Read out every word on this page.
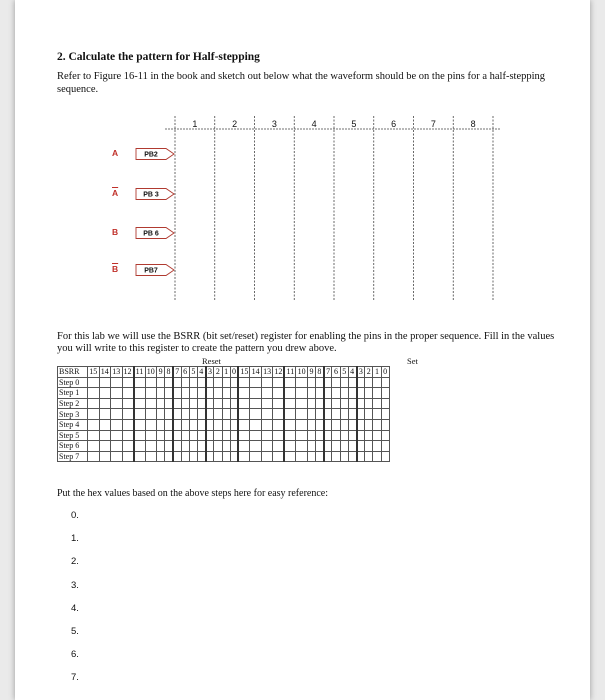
2. Calculate the pattern for Half-stepping
Refer to Figure 16-11 in the book and sketch out below what the waveform should be on the pins for a half-stepping sequence.
PB2
PB 3
PB 6
PB7
1	2	3	4	5	6	7	8
A
$\overline{A}$
B
$\overline{B}$
For this lab we will use the BSRR (bit set/reset) register for enabling the pins in the proper sequence. Fill in the values you will write to this register to create the pattern you drew above.
Reset	Set
BSRR	15	14	13	12	11	10	9	8	7	6	5	4	3	2	1	0	15	14	13	12	11	10	9	8	7	6	5	4	3	2	1	0
Step 0																																
Step 1																																
Step 2																																
Step 3																																
Step 4																																
Step 5																																
Step 6																																
Step 7																																
Put the hex values based on the above steps here for easy reference:
0.
1.
2.
3.
4.
5.
6.
7.
